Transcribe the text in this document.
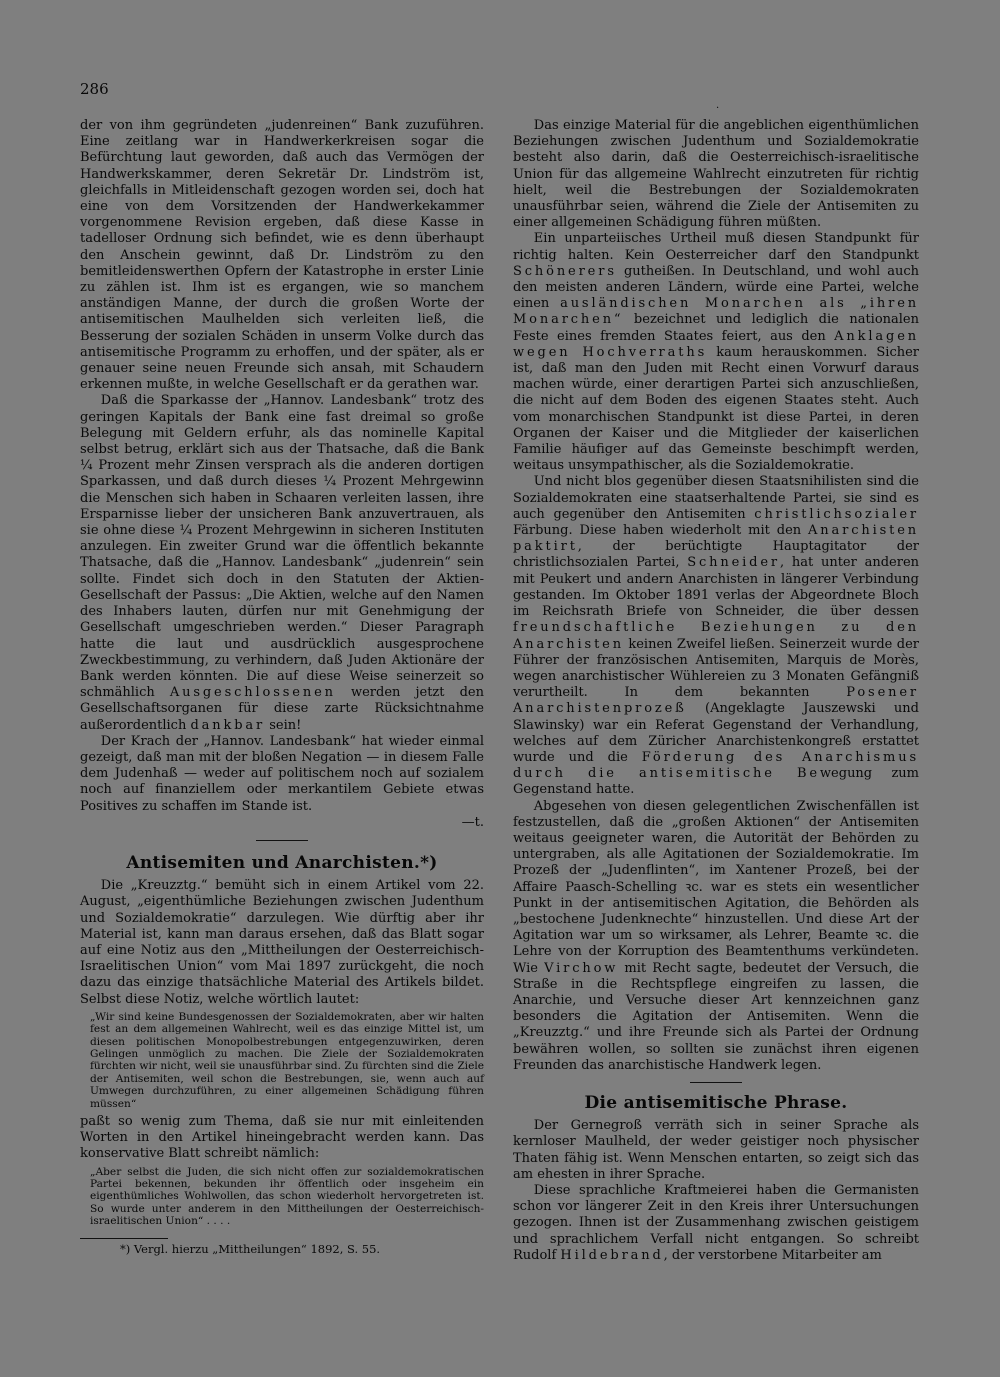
286
.

der von ihm gegründeten „judenreinen“ Bank zuzuführen. Eine zeitlang war in Handwerkerkreisen sogar die Befürchtung laut geworden, daß auch das Vermögen der Handwerkskammer, deren Sekretär Dr. Lindström ist, gleichfalls in Mitleidenschaft gezogen worden sei, doch hat eine von dem Vorsitzenden der Handwerkekammer vorgenommene Revision ergeben, daß diese Kasse in tadelloser Ordnung sich befindet, wie es denn überhaupt den Anschein gewinnt, daß Dr. Lindström zu den bemitleidenswerthen Opfern der Katastrophe in erster Linie zu zählen ist. Ihm ist es ergangen, wie so manchem anständigen Manne, der durch die großen Worte der antisemitischen Maulhelden sich verleiten ließ, die Besserung der sozialen Schäden in unserm Volke durch das antisemitische Programm zu erhoffen, und der später, als er genauer seine neuen Freunde sich ansah, mit Schaudern erkennen mußte, in welche Gesellschaft er da gerathen war.

Daß die Sparkasse der „Hannov. Landesbank“ trotz des geringen Kapitals der Bank eine fast dreimal so große Belegung mit Geldern erfuhr, als das nominelle Kapital selbst betrug, erklärt sich aus der Thatsache, daß die Bank ¼ Prozent mehr Zinsen versprach als die anderen dortigen Sparkassen, und daß durch dieses ¼ Prozent Mehrgewinn die Menschen sich haben in Schaaren verleiten lassen, ihre Ersparnisse lieber der unsicheren Bank anzuvertrauen, als sie ohne diese ¼ Prozent Mehrgewinn in sicheren Instituten anzulegen. Ein zweiter Grund war die öffentlich bekannte Thatsache, daß die „Hannov. Landesbank“ „judenrein“ sein sollte. Findet sich doch in den Statuten der Aktien-Gesellschaft der Passus: „Die Aktien, welche auf den Namen des Inhabers lauten, dürfen nur mit Genehmigung der Gesellschaft umgeschrieben werden.“ Dieser Paragraph hatte die laut und ausdrücklich ausgesprochene Zweckbestimmung, zu verhindern, daß Juden Aktionäre der Bank werden könnten. Die auf diese Weise seinerzeit so schmählich Ausgeschlossenen werden jetzt den Gesellschaftsorganen für diese zarte Rücksichtnahme außerordentlich dankbar sein!

Der Krach der „Hannov. Landesbank“ hat wieder einmal gezeigt, daß man mit der bloßen Negation — in diesem Falle dem Judenhaß — weder auf politischem noch auf sozialem noch auf finanziellem oder merkantilem Gebiete etwas Positives zu schaffen im Stande ist.

—t.

Antisemiten und Anarchisten.*)

Die „Kreuzztg.“ bemüht sich in einem Artikel vom 22. August, „eigenthümliche Beziehungen zwischen Judenthum und Sozialdemokratie“ darzulegen. Wie dürftig aber ihr Material ist, kann man daraus ersehen, daß das Blatt sogar auf eine Notiz aus den „Mittheilungen der Oesterreichisch-Israelitischen Union“ vom Mai 1897 zurückgeht, die noch dazu das einzige thatsächliche Material des Artikels bildet. Selbst diese Notiz, welche wörtlich lautet:

„Wir sind keine Bundesgenossen der Sozialdemokraten, aber wir halten fest an dem allgemeinen Wahlrecht, weil es das einzige Mittel ist, um diesen politischen Monopolbestrebungen entgegenzuwirken, deren Gelingen unmöglich zu machen. Die Ziele der Sozialdemokraten fürchten wir nicht, weil sie unausführbar sind. Zu fürchten sind die Ziele der Antisemiten, weil schon die Bestrebungen, sie, wenn auch auf Umwegen durchzuführen, zu einer allgemeinen Schädigung führen müssen“

paßt so wenig zum Thema, daß sie nur mit einleitenden Worten in den Artikel hineingebracht werden kann. Das konservative Blatt schreibt nämlich:

„Aber selbst die Juden, die sich nicht offen zur sozialdemokratischen Partei bekennen, bekunden ihr öffentlich oder insgeheim ein eigenthümliches Wohlwollen, das schon wiederholt hervorgetreten ist. So wurde unter anderem in den Mittheilungen der Oesterreichisch-israelitischen Union“ . . . .

*) Vergl. hierzu „Mittheilungen“ 1892, S. 55.

Das einzige Material für die angeblichen eigenthümlichen Beziehungen zwischen Judenthum und Sozialdemokratie besteht also darin, daß die Oesterreichisch-israelitische Union für das allgemeine Wahlrecht einzutreten für richtig hielt, weil die Bestrebungen der Sozialdemokraten unausführbar seien, während die Ziele der Antisemiten zu einer allgemeinen Schädigung führen müßten.

Ein unparteiisches Urtheil muß diesen Standpunkt für richtig halten. Kein Oesterreicher darf den Standpunkt Schönerers gutheißen. In Deutschland, und wohl auch den meisten anderen Ländern, würde eine Partei, welche einen ausländischen Monarchen als „ihren Monarchen“ bezeichnet und lediglich die nationalen Feste eines fremden Staates feiert, aus den Anklagen wegen Hochverraths kaum herauskommen. Sicher ist, daß man den Juden mit Recht einen Vorwurf daraus machen würde, einer derartigen Partei sich anzuschließen, die nicht auf dem Boden des eigenen Staates steht. Auch vom monarchischen Standpunkt ist diese Partei, in deren Organen der Kaiser und die Mitglieder der kaiserlichen Familie häufiger auf das Gemeinste beschimpft werden, weitaus unsympathischer, als die Sozialdemokratie.

Und nicht blos gegenüber diesen Staatsnihilisten sind die Sozialdemokraten eine staatserhaltende Partei, sie sind es auch gegenüber den Antisemiten christlichsozialer Färbung. Diese haben wiederholt mit den Anarchisten paktirt, der berüchtigte Hauptagitator der christlichsozialen Partei, Schneider, hat unter anderen mit Peukert und andern Anarchisten in längerer Verbindung gestanden. Im Oktober 1891 verlas der Abgeordnete Bloch im Reichsrath Briefe von Schneider, die über dessen freundschaftliche Beziehungen zu den Anarchisten keinen Zweifel ließen. Seinerzeit wurde der Führer der französischen Antisemiten, Marquis de Morès, wegen anarchistischer Wühlereien zu 3 Monaten Gefängniß verurtheilt. In dem bekannten Posener Anarchistenprozeß (Angeklagte Jauszewski und Slawinsky) war ein Referat Gegenstand der Verhandlung, welches auf dem Züricher Anarchistenkongreß erstattet wurde und die Förderung des Anarchismus durch die antisemitische Bewegung zum Gegenstand hatte.

Abgesehen von diesen gelegentlichen Zwischenfällen ist festzustellen, daß die „großen Aktionen“ der Antisemiten weitaus geeigneter waren, die Autorität der Behörden zu untergraben, als alle Agitationen der Sozialdemokratie. Im Prozeß der „Judenflinten“, im Xantener Prozeß, bei der Affaire Paasch-Schelling ꝛc. war es stets ein wesentlicher Punkt in der antisemitischen Agitation, die Behörden als „bestochene Judenknechte“ hinzustellen. Und diese Art der Agitation war um so wirksamer, als Lehrer, Beamte ꝛc. die Lehre von der Korruption des Beamtenthums verkündeten. Wie Virchow mit Recht sagte, bedeutet der Versuch, die Straße in die Rechtspflege eingreifen zu lassen, die Anarchie, und Versuche dieser Art kennzeichnen ganz besonders die Agitation der Antisemiten. Wenn die „Kreuzztg.“ und ihre Freunde sich als Partei der Ordnung bewähren wollen, so sollten sie zunächst ihren eigenen Freunden das anarchistische Handwerk legen.

Die antisemitische Phrase.

Der Gernegroß verräth sich in seiner Sprache als kernloser Maulheld, der weder geistiger noch physischer Thaten fähig ist. Wenn Menschen entarten, so zeigt sich das am ehesten in ihrer Sprache.

Diese sprachliche Kraftmeierei haben die Germanisten schon vor längerer Zeit in den Kreis ihrer Untersuchungen gezogen. Ihnen ist der Zusammenhang zwischen geistigem und sprachlichem Verfall nicht entgangen. So schreibt Rudolf Hildebrand, der verstorbene Mitarbeiter am
